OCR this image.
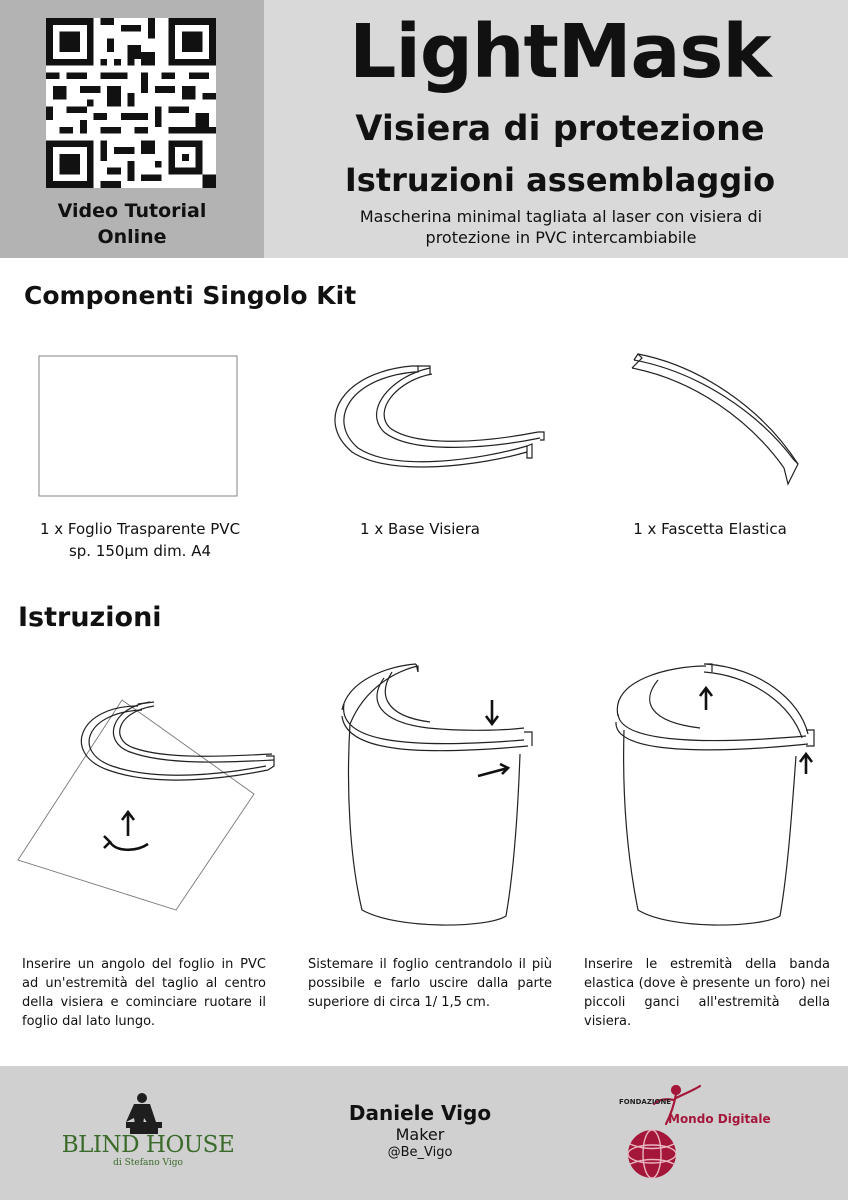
Video Tutorial
Online
LightMask
Visiera di protezione
Istruzioni assemblaggio
Mascherina minimal tagliata al laser con visiera di
protezione in PVC intercambiabile
Componenti Singolo Kit
1 x Foglio Trasparente PVC
sp. 150µm dim. A4
1 x Base Visiera	1 x Fascetta Elastica
Istruzioni
Inserire un angolo del foglio in PVC ad un'estremità del taglio al centro della visiera e cominciare ruotare il foglio dal lato lungo.
Sistemare il foglio centrandolo il più possibile e farlo uscire dalla parte superiore di circa 1/ 1,5 cm.
Inserire le estremità della banda elastica (dove è presente un foro) nei piccoli ganci all'estremità della visiera.
BLIND HOUSE
di Stefano Vigo
Daniele Vigo
Maker
@Be_Vigo
FONDAZIONE
Mondo Digitale
